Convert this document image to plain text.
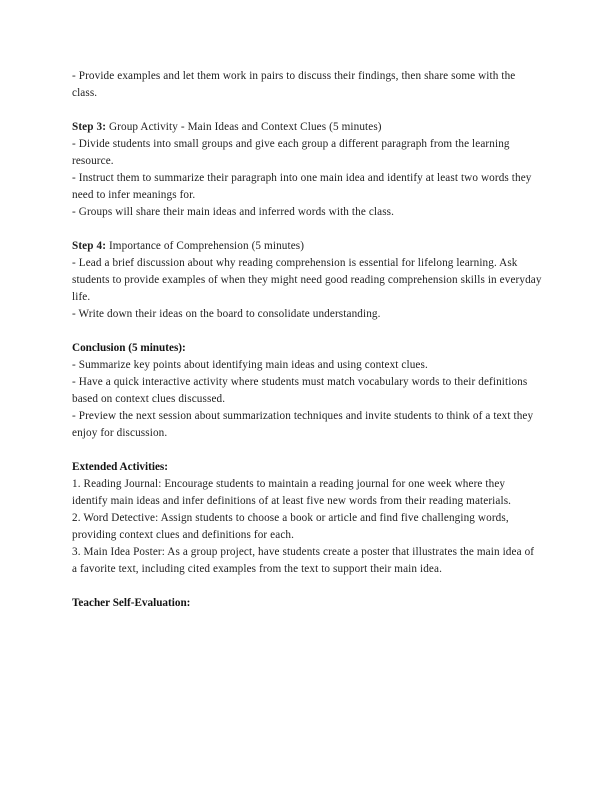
- Provide examples and let them work in pairs to discuss their findings, then share some with the class.

Step 3: Group Activity - Main Ideas and Context Clues (5 minutes)

- Divide students into small groups and give each group a different paragraph from the learning resource.

- Instruct them to summarize their paragraph into one main idea and identify at least two words they need to infer meanings for.

- Groups will share their main ideas and inferred words with the class.

Step 4: Importance of Comprehension (5 minutes)

- Lead a brief discussion about why reading comprehension is essential for lifelong learning. Ask students to provide examples of when they might need good reading comprehension skills in everyday life.

- Write down their ideas on the board to consolidate understanding.

Conclusion (5 minutes):

- Summarize key points about identifying main ideas and using context clues.

- Have a quick interactive activity where students must match vocabulary words to their definitions based on context clues discussed.

- Preview the next session about summarization techniques and invite students to think of a text they enjoy for discussion.

Extended Activities:

1. Reading Journal: Encourage students to maintain a reading journal for one week where they identify main ideas and infer definitions of at least five new words from their reading materials.

2. Word Detective: Assign students to choose a book or article and find five challenging words, providing context clues and definitions for each.

3. Main Idea Poster: As a group project, have students create a poster that illustrates the main idea of a favorite text, including cited examples from the text to support their main idea.

Teacher Self-Evaluation:
